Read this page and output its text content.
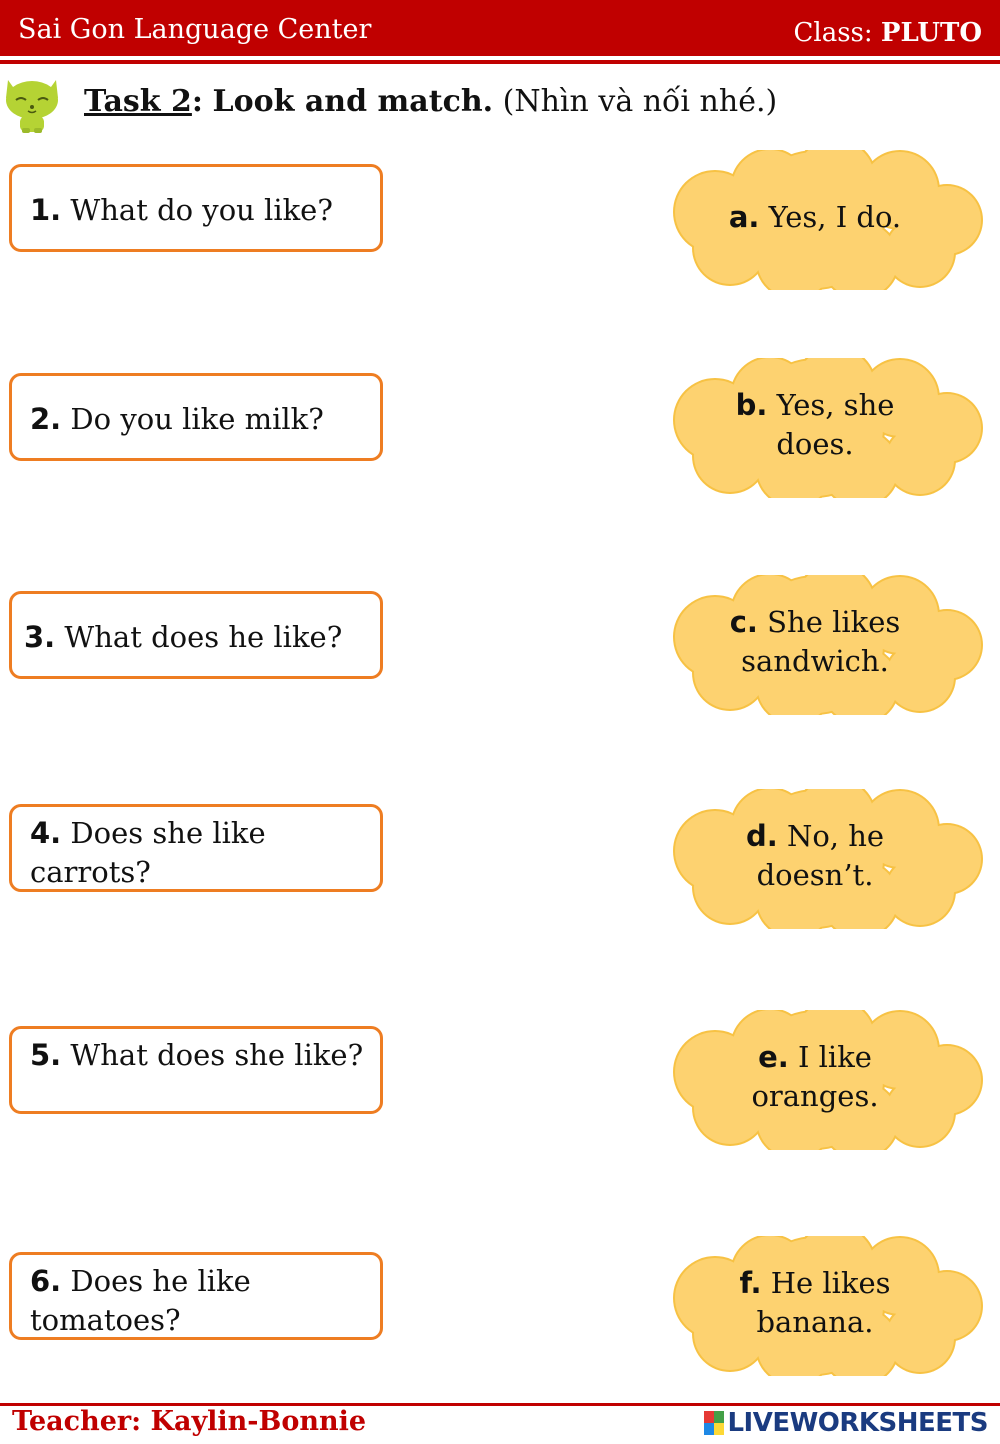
Sai Gon Language Center	Class: PLUTO
Task 2: Look and match. (Nhìn và nối nhé.)
1. What do you like?
2. Do you like milk?
3. What does he like?
4. Does she like carrots?
5. What does she like?
6. Does he like tomatoes?
a. Yes, I do.
b. Yes, she does.
c. She likes sandwich.
d. No, he doesn’t.
e. I like oranges.
f. He likes banana.
Teacher: Kaylin-Bonnie	LIVEWORKSHEETS
